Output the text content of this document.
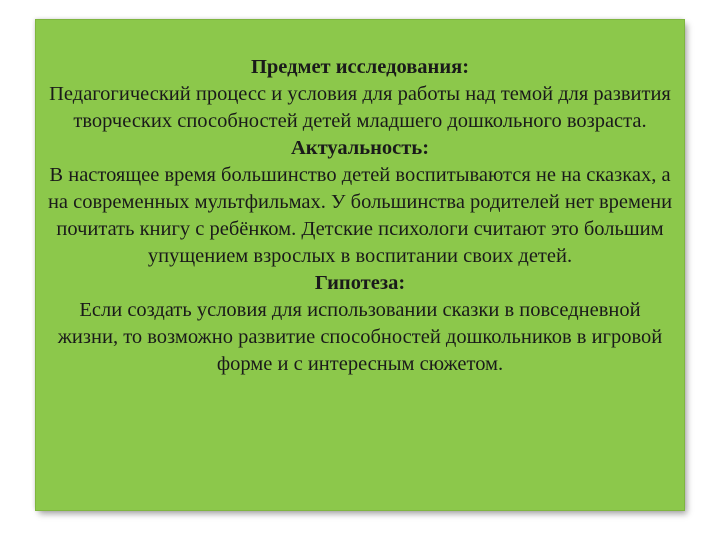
Предмет исследования:
Педагогический процесс и условия для работы над темой для развития творческих способностей детей младшего дошкольного возраста.
Актуальность:
В настоящее время большинство детей воспитываются не на сказках, а на современных мультфильмах. У большинства родителей нет времени почитать книгу с ребёнком. Детские психологи считают это большим упущением взрослых в воспитании своих детей.
Гипотеза:
Если создать условия для использовании сказки в повседневной жизни, то возможно развитие способностей дошкольников в игровой форме и с интересным сюжетом.
